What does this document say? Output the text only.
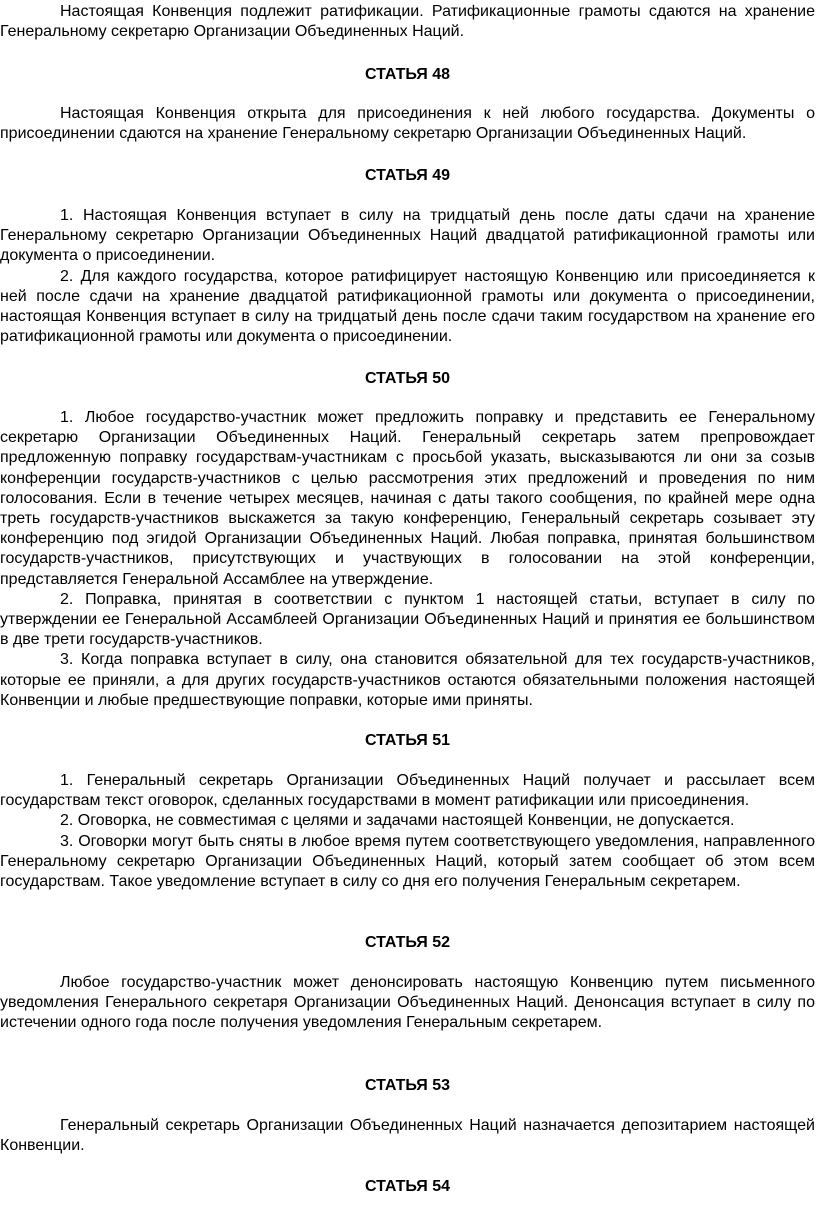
Настоящая Конвенция подлежит ратификации. Ратификационные грамоты сдаются на хранение Генеральному секретарю Организации Объединенных Наций.

СТАТЬЯ 48

Настоящая Конвенция открыта для присоединения к ней любого государства. Документы о присоединении сдаются на хранение Генеральному секретарю Организации Объединенных Наций.

СТАТЬЯ 49

1. Настоящая Конвенция вступает в силу на тридцатый день после даты сдачи на хранение Генеральному секретарю Организации Объединенных Наций двадцатой ратификационной грамоты или документа о присоединении.

2. Для каждого государства, которое ратифицирует настоящую Конвенцию или присоединяется к ней после сдачи на хранение двадцатой ратификационной грамоты или документа о присоединении, настоящая Конвенция вступает в силу на тридцатый день после сдачи таким государством на хранение его ратификационной грамоты или документа о присоединении.

СТАТЬЯ 50

1. Любое государство-участник может предложить поправку и представить ее Генеральному секретарю Организации Объединенных Наций. Генеральный секретарь затем препровождает предложенную поправку государствам-участникам с просьбой указать, высказываются ли они за созыв конференции государств-участников с целью рассмотрения этих предложений и проведения по ним голосования. Если в течение четырех месяцев, начиная с даты такого сообщения, по крайней мере одна треть государств-участников выскажется за такую конференцию, Генеральный секретарь созывает эту конференцию под эгидой Организации Объединенных Наций. Любая поправка, принятая большинством государств-участников, присутствующих и участвующих в голосовании на этой конференции, представляется Генеральной Ассамблее на утверждение.

2. Поправка, принятая в соответствии с пунктом 1 настоящей статьи, вступает в силу по утверждении ее Генеральной Ассамблеей Организации Объединенных Наций и принятия ее большинством в две трети государств-участников.

3. Когда поправка вступает в силу, она становится обязательной для тех государств-участников, которые ее приняли, а для других государств-участников остаются обязательными положения настоящей Конвенции и любые предшествующие поправки, которые ими приняты.

СТАТЬЯ 51

1. Генеральный секретарь Организации Объединенных Наций получает и рассылает всем государствам текст оговорок, сделанных государствами в момент ратификации или присоединения.

2. Оговорка, не совместимая с целями и задачами настоящей Конвенции, не допускается.

3. Оговорки могут быть сняты в любое время путем соответствующего уведомления, направленного Генеральному секретарю Организации Объединенных Наций, который затем сообщает об этом всем государствам. Такое уведомление вступает в силу со дня его получения Генеральным секретарем.

СТАТЬЯ 52

Любое государство-участник может денонсировать настоящую Конвенцию путем письменного уведомления Генерального секретаря Организации Объединенных Наций. Денонсация вступает в силу по истечении одного года после получения уведомления Генеральным секретарем.

СТАТЬЯ 53

Генеральный секретарь Организации Объединенных Наций назначается депозитарием настоящей Конвенции.

СТАТЬЯ 54
